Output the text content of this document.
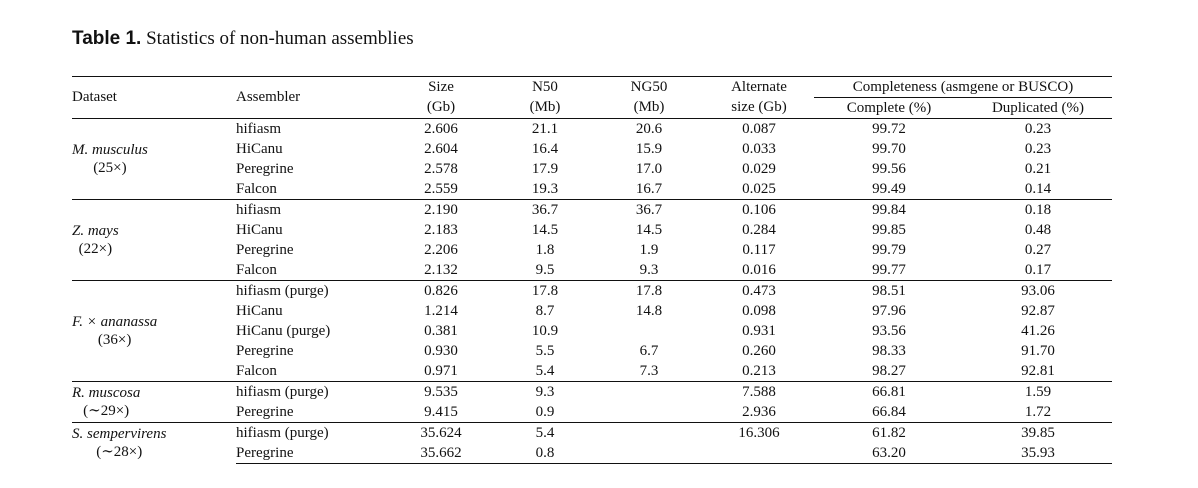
Table 1. Statistics of non-human assemblies
Dataset	Assembler	Size	N50	NG50	Alternate	Completeness (asmgene or BUSCO)	
		(Gb)	(Mb)	(Mb)	size (Gb)	Complete (%)	Duplicated (%)

M. musculus
(25×)	hifiasm	2.606	21.1	20.6	0.087	99.72	0.23
	HiCanu	2.604	16.4	15.9	0.033	99.70	0.23
	Peregrine	2.578	17.9	17.0	0.029	99.56	0.21
	Falcon	2.559	19.3	16.7	0.025	99.49	0.14

Z. mays
(22×)	hifiasm	2.190	36.7	36.7	0.106	99.84	0.18
	HiCanu	2.183	14.5	14.5	0.284	99.85	0.48
	Peregrine	2.206	1.8	1.9	0.117	99.79	0.27
	Falcon	2.132	9.5	9.3	0.016	99.77	0.17

F. × ananassa
(36×)	hifiasm (purge)	0.826	17.8	17.8	0.473	98.51	93.06
	HiCanu	1.214	8.7	14.8	0.098	97.96	92.87
	HiCanu (purge)	0.381	10.9		0.931	93.56	41.26
	Peregrine	0.930	5.5	6.7	0.260	98.33	91.70
	Falcon	0.971	5.4	7.3	0.213	98.27	92.81

R. muscosa
(∼29×)	hifiasm (purge)	9.535	9.3		7.588	66.81	1.59
	Peregrine	9.415	0.9		2.936	66.84	1.72

S. sempervirens
(∼28×)	hifiasm (purge)	35.624	5.4		16.306	61.82	39.85
	Peregrine	35.662	0.8			63.20	35.93
